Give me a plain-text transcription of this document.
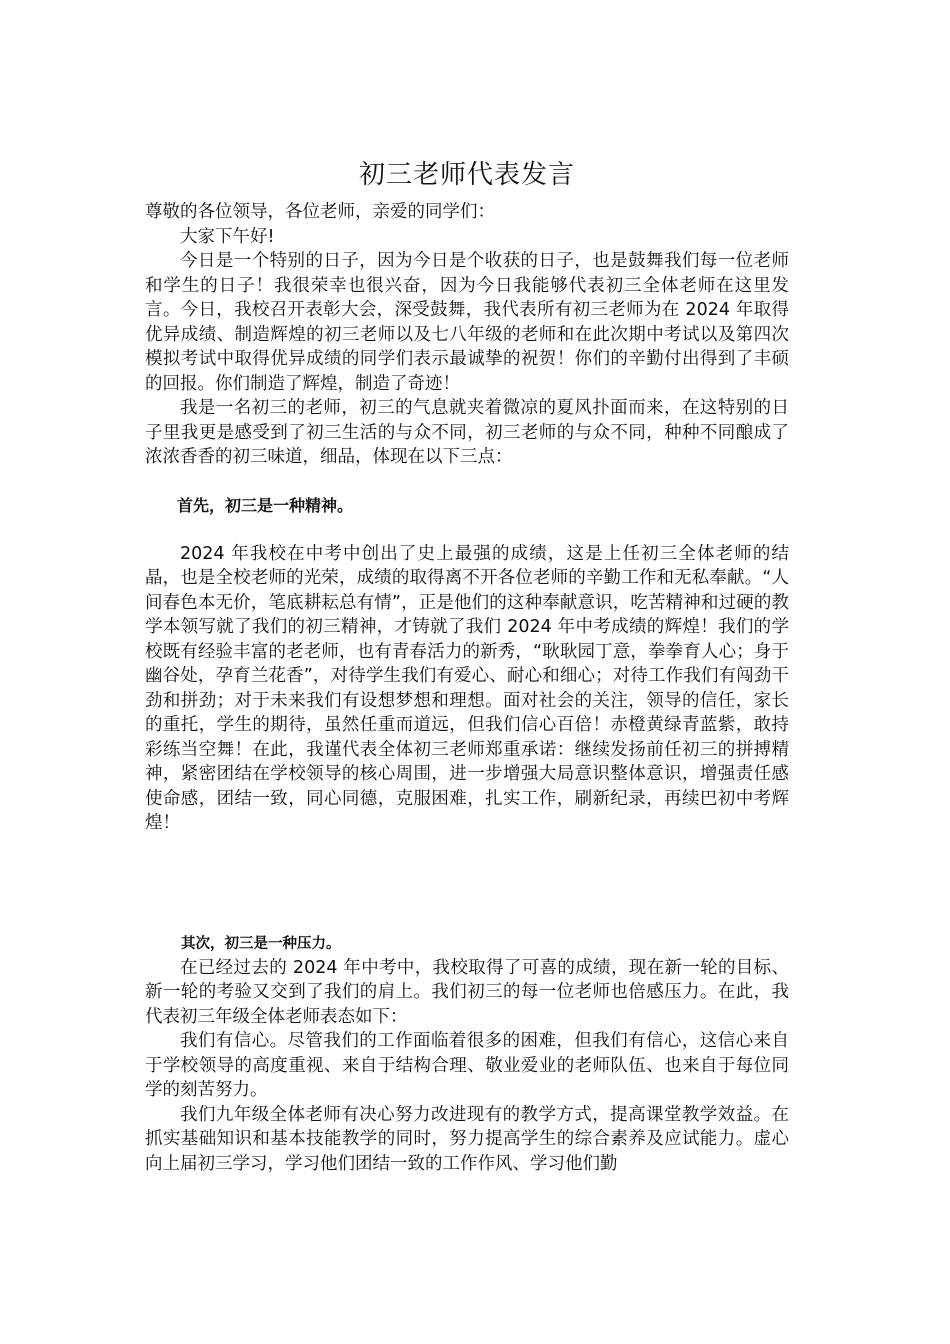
初三老师代表发言

尊敬的各位领导，各位老师，亲爱的同学们：

大家下午好!

今日是一个特别的日子，因为今日是个收获的日子，也是鼓舞我们每一位老师和学生的日子！我很荣幸也很兴奋，因为今日我能够代表初三全体老师在这里发言。今日，我校召开表彰大会，深受鼓舞，我代表所有初三老师为在 2024 年取得优异成绩、制造辉煌的初三老师以及七八年级的老师和在此次期中考试以及第四次模拟考试中取得优异成绩的同学们表示最诚挚的祝贺！你们的辛勤付出得到了丰硕的回报。你们制造了辉煌，制造了奇迹！

我是一名初三的老师，初三的气息就夹着微凉的夏风扑面而来，在这特别的日子里我更是感受到了初三生活的与众不同，初三老师的与众不同，种种不同酿成了浓浓香香的初三味道，细品，体现在以下三点：

首先，初三是一种精神。

2024 年我校在中考中创出了史上最强的成绩，这是上任初三全体老师的结晶，也是全校老师的光荣，成绩的取得离不开各位老师的辛勤工作和无私奉献。“人间春色本无价，笔底耕耘总有情”，正是他们的这种奉献意识，吃苦精神和过硬的教学本领写就了我们的初三精神，才铸就了我们 2024 年中考成绩的辉煌！我们的学校既有经验丰富的老老师，也有青春活力的新秀，“耿耿园丁意，拳拳育人心；身于幽谷处，孕育兰花香”，对待学生我们有爱心、耐心和细心；对待工作我们有闯劲干劲和拼劲；对于未来我们有设想梦想和理想。面对社会的关注，领导的信任，家长的重托，学生的期待，虽然任重而道远，但我们信心百倍！赤橙黄绿青蓝紫，敢持彩练当空舞！在此，我谨代表全体初三老师郑重承诺：继续发扬前任初三的拼搏精神，紧密团结在学校领导的核心周围，进一步增强大局意识整体意识，增强责任感使命感，团结一致，同心同德，克服困难，扎实工作，刷新纪录，再续巴初中考辉煌！

其次，初三是一种压力。

在已经过去的 2024 年中考中，我校取得了可喜的成绩，现在新一轮的目标、新一轮的考验又交到了我们的肩上。我们初三的每一位老师也倍感压力。在此，我代表初三年级全体老师表态如下：

我们有信心。尽管我们的工作面临着很多的困难，但我们有信心，这信心来自于学校领导的高度重视、来自于结构合理、敬业爱业的老师队伍、也来自于每位同学的刻苦努力。

我们九年级全体老师有决心努力改进现有的教学方式，提高课堂教学效益。在抓实基础知识和基本技能教学的同时，努力提高学生的综合素养及应试能力。虚心向上届初三学习，学习他们团结一致的工作作风、学习他们勤
